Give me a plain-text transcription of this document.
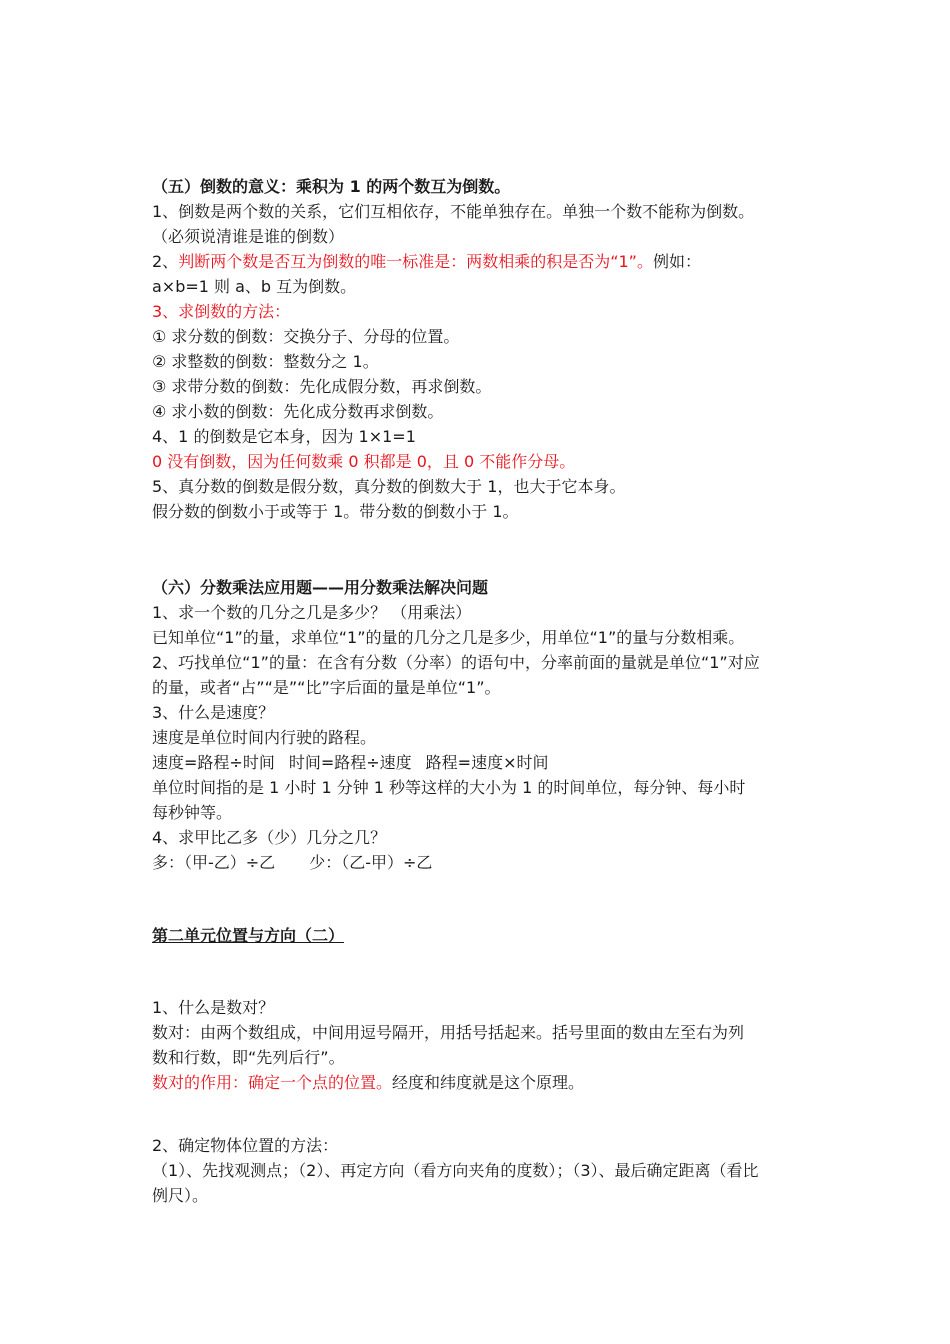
（五）倒数的意义：乘积为 1 的两个数互为倒数。
1、倒数是两个数的关系，它们互相依存，不能单独存在。单独一个数不能称为倒数。
（必须说清谁是谁的倒数）
2、判断两个数是否互为倒数的唯一标准是：两数相乘的积是否为“1”。例如：
a×b=1 则 a、b 互为倒数。
3、求倒数的方法：
① 求分数的倒数：交换分子、分母的位置。
② 求整数的倒数：整数分之 1。
③ 求带分数的倒数：先化成假分数，再求倒数。
④ 求小数的倒数：先化成分数再求倒数。
4、1 的倒数是它本身，因为 1×1=1
0 没有倒数，因为任何数乘 0 积都是 0，且 0 不能作分母。
5、真分数的倒数是假分数，真分数的倒数大于 1，也大于它本身。
假分数的倒数小于或等于 1。带分数的倒数小于 1。
（六）分数乘法应用题——用分数乘法解决问题
1、求一个数的几分之几是多少？ （用乘法）
已知单位“1”的量，求单位“1”的量的几分之几是多少，用单位“1”的量与分数相乘。
2、巧找单位“1”的量：在含有分数（分率）的语句中，分率前面的量就是单位“1”对应
的量，或者“占”“是”“比”字后面的量是单位“1”。
3、什么是速度？
速度是单位时间内行驶的路程。
速度=路程÷时间 时间=路程÷速度 路程=速度×时间
单位时间指的是 1 小时 1 分钟 1 秒等这样的大小为 1 的时间单位，每分钟、每小时
每秒钟等。
4、求甲比乙多（少）几分之几？
多：（甲-乙）÷乙 少：（乙-甲）÷乙
第二单元位置与方向（二）
1、什么是数对？
数对：由两个数组成，中间用逗号隔开，用括号括起来。括号里面的数由左至右为列
数和行数，即“先列后行”。
数对的作用：确定一个点的位置。经度和纬度就是这个原理。
2、确定物体位置的方法：
（1）、先找观测点；（2）、再定方向（看方向夹角的度数）；（3）、最后确定距离（看比
例尺）。
